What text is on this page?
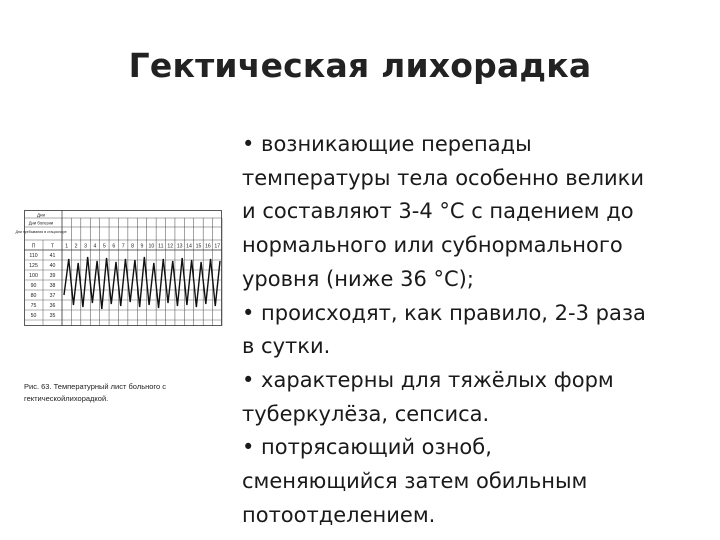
Гектическая лихорадка
Дни
Дни болезни
Дни пребывания в стационаре
1 2 3 4 5 6 7 8 9 10 11 12 13 14 15 16 17
П	Т
110 41
125 40
100 39
90	38
80	37
75	36
50	35
Рис. 63. Температурный лист больного с
гектическойлихорадкой.

• возникающие перепады

температуры тела особенно велики

и составляют 3-4 °С с падением до

нормального или субнормального

уровня (ниже 36 °С);

• происходят, как правило, 2-3 раза

в сутки.

• характерны для тяжёлых форм

туберкулёза, сепсиса.

• потрясающий озноб,

сменяющийся затем обильным

потоотделением.
